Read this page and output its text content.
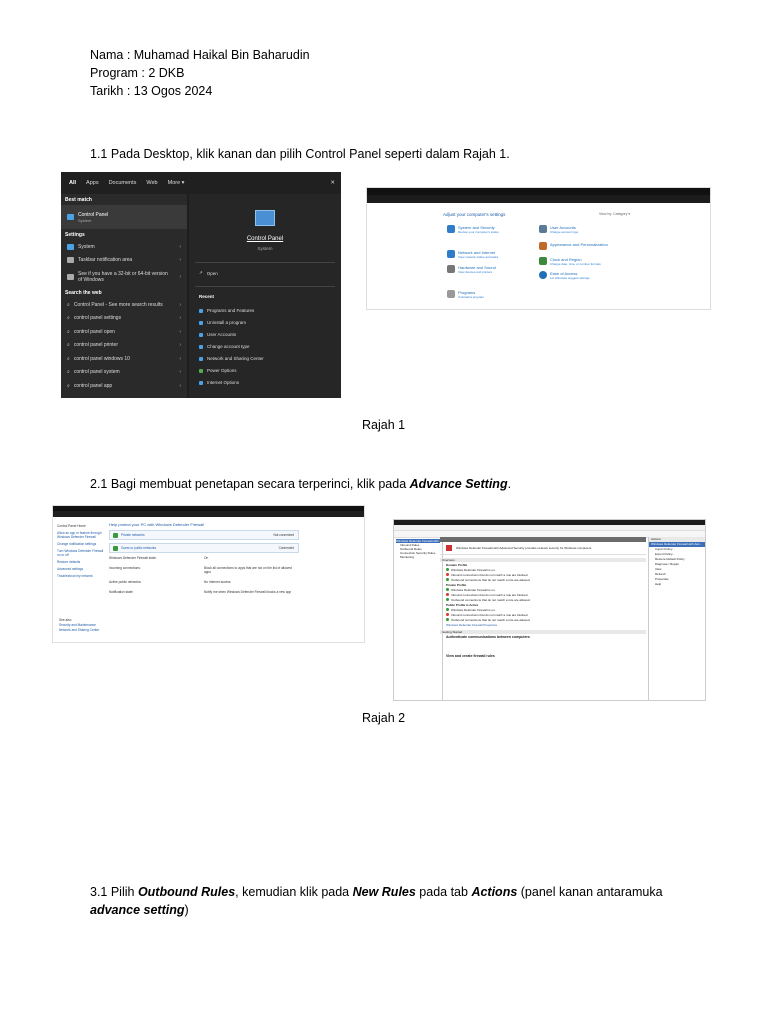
Nama : Muhamad Haikal Bin Baharudin
Program : 2 DKB
Tarikh : 13 Ogos 2024
1.1 Pada Desktop, klik kanan dan pilih Control Panel seperti dalam Rajah 1.
All Apps Documents Web More ▾	✕
Best match
Control Panel
System
Settings
System	›
Taskbar notification area	›
See if you have a 32-bit or 64-bit version of Windows	›
Search the web
⌕ Control Panel - See more search results	›
⌕ control panel settings	›
⌕ control panel open	›
⌕ control panel printer	›
⌕ control panel windows 10	›
⌕ control panel system	›
⌕ control panel app	›
Control Panel
System
↗ Open
Recent
Programs and Features
Uninstall a program
User Accounts
Change account type
Network and Sharing Center
Power Options
Internet Options
Adjust your computer's settings	View by: Category ▾
System and Security
Review your computer's status
Network and Internet
View network status and tasks
Hardware and Sound
View devices and printers
Programs
Uninstall a program
User Accounts
Change account type
Appearance and Personalization
Clock and Region
Change date, time, or number formats
Ease of Access
Let Windows suggest settings
Rajah 1
2.1 Bagi membuat penetapan secara terperinci, klik pada Advance Setting.
Control Panel Home
Allow an app or feature through Windows Defender Firewall
Change notification settings
Turn Windows Defender Firewall on or off
Restore defaults
Advanced settings
Troubleshoot my network
Help protect your PC with Windows Defender Firewall
Private networks	Not connected
Guest or public networks	Connected
Windows Defender Firewall state:	On
Incoming connections:	Block all connections to apps that are not on the list of allowed apps
Active public networks:	No Internet access
Notification state:	Notify me when Windows Defender Firewall blocks a new app
See also
Security and Maintenance
Network and Sharing Center
Windows Defender Firewall with
Inbound Rules
Outbound Rules
Connection Security Rules
Monitoring
Windows Defender Firewall with Advanced Security provides network security for Windows computers.
Overview
Domain Profile
Windows Defender Firewall is on.
Inbound connections that do not match a rule are blocked.
Outbound connections that do not match a rule are allowed.
Private Profile
Windows Defender Firewall is on.
Inbound connections that do not match a rule are blocked.
Outbound connections that do not match a rule are allowed.
Public Profile is Active
Windows Defender Firewall is on.
Inbound connections that do not match a rule are blocked.
Outbound connections that do not match a rule are allowed.
Windows Defender Firewall Properties
Getting Started
Authenticate communications between computers
View and create firewall rules
Actions
Windows Defender Firewall with Adv...
Import Policy...
Export Policy...
Restore Default Policy
Diagnose / Repair
View
Refresh
Properties
Help
Rajah 2
3.1 Pilih Outbound Rules, kemudian klik pada New Rules pada tab Actions (panel kanan antaramuka
advance setting)
